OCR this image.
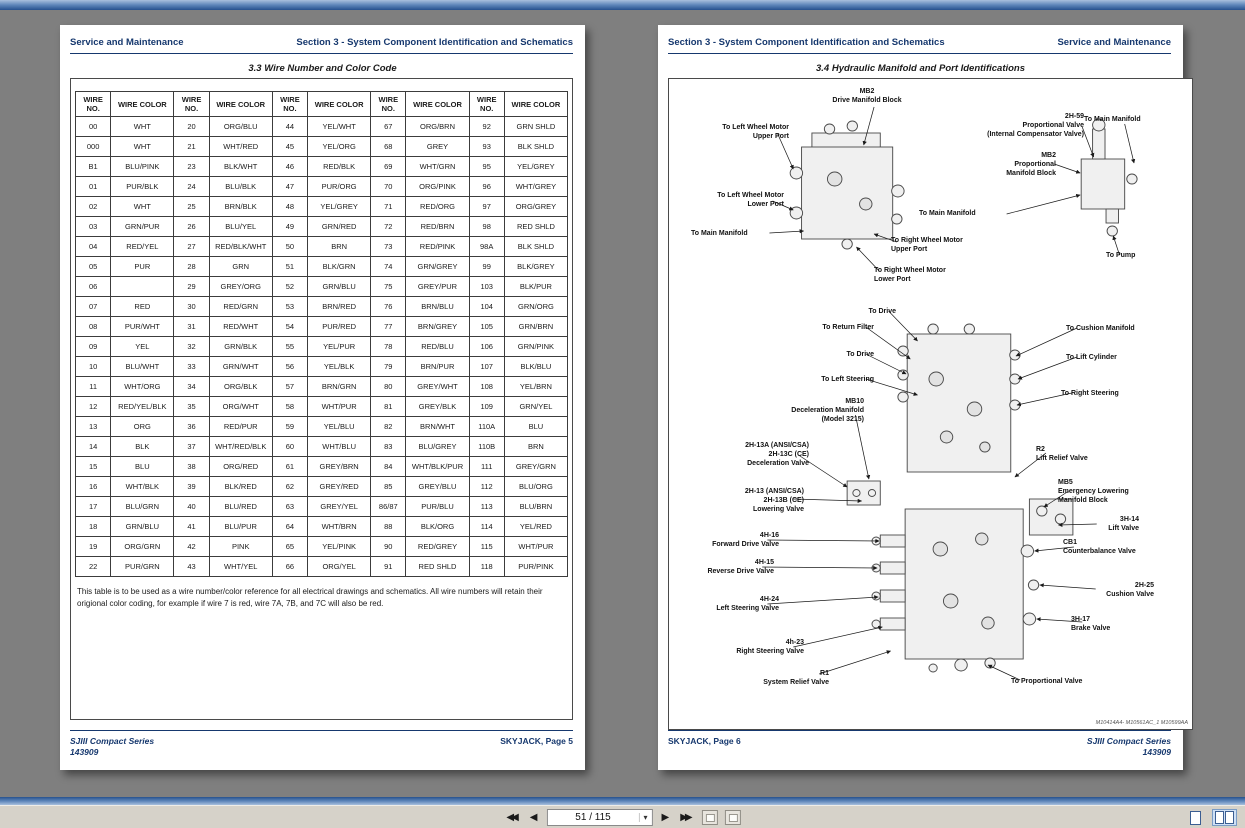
Service and Maintenance	Section 3 - System Component Identification and Schematics
3.3 Wire Number and Color Code
WIRE NO.	WIRE COLOR	WIRE NO.	WIRE COLOR	WIRE NO.	WIRE COLOR	WIRE NO.	WIRE COLOR	WIRE NO.	WIRE COLOR
00	WHT	20	ORG/BLU	44	YEL/WHT	67	ORG/BRN	92	GRN SHLD
000	WHT	21	WHT/RED	45	YEL/ORG	68	GREY	93	BLK SHLD
B1	BLU/PINK	23	BLK/WHT	46	RED/BLK	69	WHT/GRN	95	YEL/GREY
01	PUR/BLK	24	BLU/BLK	47	PUR/ORG	70	ORG/PINK	96	WHT/GREY
02	WHT	25	BRN/BLK	48	YEL/GREY	71	RED/ORG	97	ORG/GREY
03	GRN/PUR	26	BLU/YEL	49	GRN/RED	72	RED/BRN	98	RED SHLD
04	RED/YEL	27	RED/BLK/WHT	50	BRN	73	RED/PINK	98A	BLK SHLD
05	PUR	28	GRN	51	BLK/GRN	74	GRN/GREY	99	BLK/GREY
06		29	GREY/ORG	52	GRN/BLU	75	GREY/PUR	103	BLK/PUR
07	RED	30	RED/GRN	53	BRN/RED	76	BRN/BLU	104	GRN/ORG
08	PUR/WHT	31	RED/WHT	54	PUR/RED	77	BRN/GREY	105	GRN/BRN
09	YEL	32	GRN/BLK	55	YEL/PUR	78	RED/BLU	106	GRN/PINK
10	BLU/WHT	33	GRN/WHT	56	YEL/BLK	79	BRN/PUR	107	BLK/BLU
11	WHT/ORG	34	ORG/BLK	57	BRN/GRN	80	GREY/WHT	108	YEL/BRN
12	RED/YEL/BLK	35	ORG/WHT	58	WHT/PUR	81	GREY/BLK	109	GRN/YEL
13	ORG	36	RED/PUR	59	YEL/BLU	82	BRN/WHT	110A	BLU
14	BLK	37	WHT/RED/BLK	60	WHT/BLU	83	BLU/GREY	110B	BRN
15	BLU	38	ORG/RED	61	GREY/BRN	84	WHT/BLK/PUR	111	GREY/GRN
16	WHT/BLK	39	BLK/RED	62	GREY/RED	85	GREY/BLU	112	BLU/ORG
17	BLU/GRN	40	BLU/RED	63	GREY/YEL	86/87	PUR/BLU	113	BLU/BRN
18	GRN/BLU	41	BLU/PUR	64	WHT/BRN	88	BLK/ORG	114	YEL/RED
19	ORG/GRN	42	PINK	65	YEL/PINK	90	RED/GREY	115	WHT/PUR
22	PUR/GRN	43	WHT/YEL	66	ORG/YEL	91	RED SHLD	118	PUR/PINK

This table is to be used as a wire number/color reference for all electrical drawings and schematics. All wire numbers will retain their origional color coding, for example if wire 7 is red, wire 7A, 7B, and 7C will also be red.

SJIII Compact Series
143909
SKYJACK, Page 5
Section 3 - System Component Identification and Schematics	Service and Maintenance
3.4 Hydraulic Manifold and Port Identifications
MB2
Drive Manifold Block
2H-59
Proportional Valve
(Internal Compensator Valve)
To Main Manifold
To Left Wheel Motor
Upper Port
MB2
Proportional
Manifold Block
To Left Wheel Motor
Lower Port
To Main Manifold
To Main Manifold
To Right Wheel Motor
Upper Port
To Pump
To Right Wheel Motor
Lower Port
To Drive
To Return Filter	To Cushion Manifold
To Drive	To Lift Cylinder
To Left Steering
To Right Steering
MB10
Deceleration Manifold
(Model 3215)
2H-13A (ANSI/CSA)
2H-13C (CE)
Deceleration Valve
R2
Lift Relief Valve
2H-13 (ANSI/CSA)
2H-13B (CE)
Lowering Valve
MB5
Emergency Lowering
Manifold Block
3H-14
Lift Valve
4H-16
Forward Drive Valve	CB1
Counterbalance Valve
4H-15
Reverse Drive Valve
2H-25
Cushion Valve
4H-24
Left Steering Valve
3H-17
Brake Valve
4h-23
Right Steering Valve
R1
System Relief Valve	To Proportional Valve
M10414A4- M10561AC_1 M10599AA
SKYJACK, Page 6	SJIII Compact Series
143909
◀◀	◀	51 / 115	▾	▶ ▶▶
